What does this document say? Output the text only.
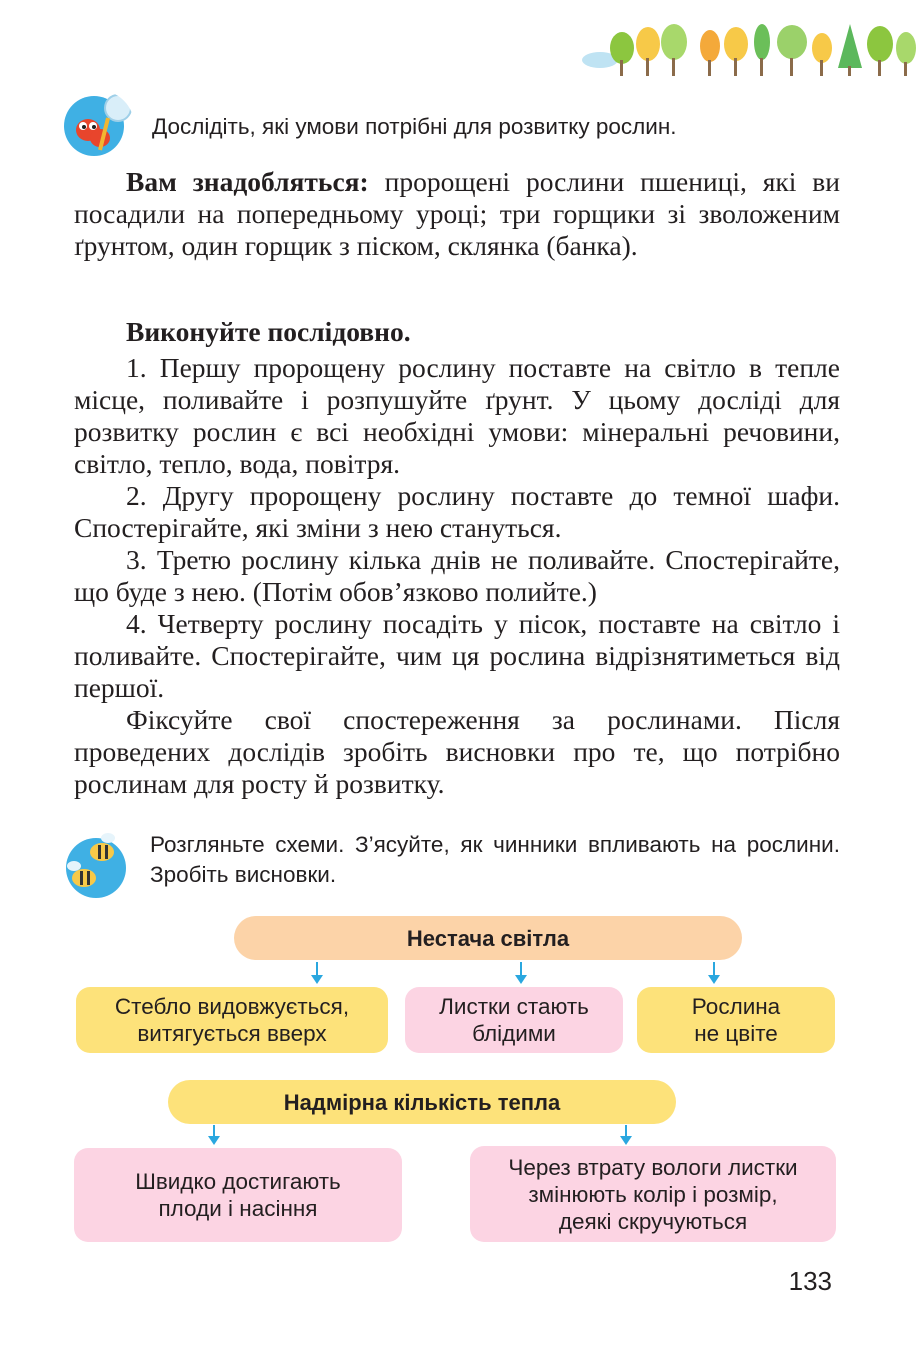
Дослідіть, які умови потрібні для розвитку рослин.

Вам знадобляться: пророщені рослини пшениці, які ви посадили на попередньому уроці; три горщики зі зволоженим ґрунтом, один горщик з піском, склянка (банка).

Виконуйте послідовно.

1. Першу пророщену рослину поставте на світло в тепле місце, поливайте і розпушуйте ґрунт. У цьому досліді для розвитку рослин є всі необхідні умови: мінеральні речовини, світло, тепло, вода, повітря.

2. Другу пророщену рослину поставте до темної шафи. Спостерігайте, які зміни з нею станутьcя.

3. Третю рослину кілька днів не поливайте. Спостерігайте, що буде з нею. (Потім обов’язково полийте.)

4. Четверту рослину посадіть у пісок, поставте на світло і поливайте. Спостерігайте, чим ця рослина відрізнятиметься від першої.

Фіксуйте свої спостереження за рослинами. Після проведених дослідів зробіть висновки про те, що потрібно рослинам для росту й розвитку.

Розгляньте схеми. З’ясуйте, як чинники впливають на рослини. Зробіть висновки.
Нестача світла
Стебло видовжується,
витягується вверх
Листки стають
блідими
Рослина
не цвіте
Надмірна кількість тепла
Швидко достигають
плоди і насіння
Через втрату вологи листки
змінюють колір і розмір,
деякі скручуються
133
